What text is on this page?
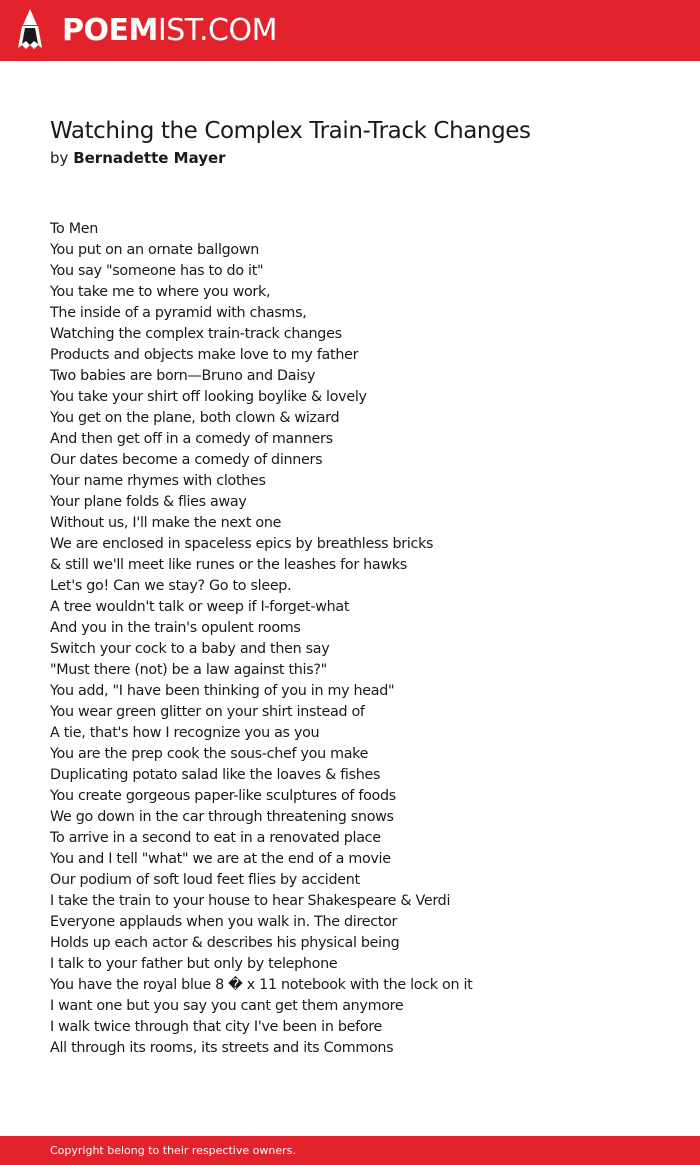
POEMIST.COM
Watching the Complex Train-Track Changes
by Bernadette Mayer
To Men
You put on an ornate ballgown
You say "someone has to do it"
You take me to where you work,
The inside of a pyramid with chasms,
Watching the complex train-track changes
Products and objects make love to my father
Two babies are born—Bruno and Daisy
You take your shirt off looking boylike & lovely
You get on the plane, both clown & wizard
And then get off in a comedy of manners
Our dates become a comedy of dinners
Your name rhymes with clothes
Your plane folds & flies away
Without us, I'll make the next one
We are enclosed in spaceless epics by breathless bricks
& still we'll meet like runes or the leashes for hawks
Let's go! Can we stay? Go to sleep.
A tree wouldn't talk or weep if I-forget-what
And you in the train's opulent rooms
Switch your cock to a baby and then say
"Must there (not) be a law against this?"
You add, "I have been thinking of you in my head"
You wear green glitter on your shirt instead of
A tie, that's how I recognize you as you
You are the prep cook the sous-chef you make
Duplicating potato salad like the loaves & fishes
You create gorgeous paper-like sculptures of foods
We go down in the car through threatening snows
To arrive in a second to eat in a renovated place
You and I tell "what" we are at the end of a movie
Our podium of soft loud feet flies by accident
I take the train to your house to hear Shakespeare & Verdi
Everyone applauds when you walk in. The director
Holds up each actor & describes his physical being
I talk to your father but only by telephone
You have the royal blue 8 � x 11 notebook with the lock on it
I want one but you say you cant get them anymore
I walk twice through that city I've been in before
All through its rooms, its streets and its Commons
Copyright belong to their respective owners.
